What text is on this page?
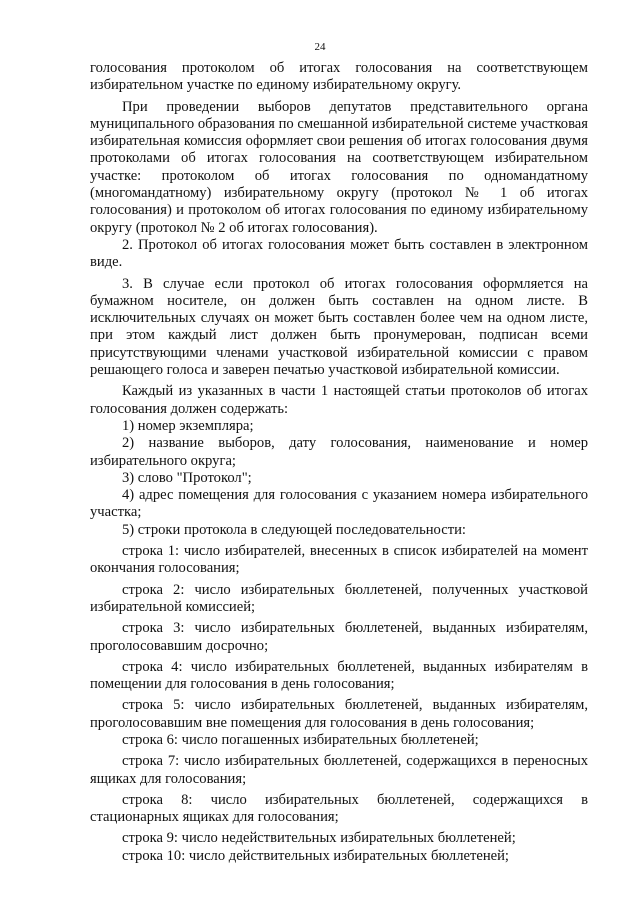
24

голосования протоколом об итогах голосования на соответствующем избирательном участке по единому избирательному округу.

При проведении выборов депутатов представительного органа муниципального образования по смешанной избирательной системе участковая избирательная комиссия оформляет свои решения об итогах голосования двумя протоколами об итогах голосования на соответствующем избирательном участке: протоколом об итогах голосования по одномандатному (многомандатному) избирательному округу (протокол № 1 об итогах голосования) и протоколом об итогах голосования по единому избирательному округу (протокол № 2 об итогах голосования).

2. Протокол об итогах голосования может быть составлен в электронном виде.

3. В случае если протокол об итогах голосования оформляется на бумажном носителе, он должен быть составлен на одном листе. В исключительных случаях он может быть составлен более чем на одном листе, при этом каждый лист должен быть пронумерован, подписан всеми присутствующими членами участковой избирательной комиссии с правом решающего голоса и заверен печатью участковой избирательной комиссии.

Каждый из указанных в части 1 настоящей статьи протоколов об итогах голосования должен содержать:

1) номер экземпляра;

2) название выборов, дату голосования, наименование и номер избирательного округа;

3) слово "Протокол";

4) адрес помещения для голосования с указанием номера избирательного участка;

5) строки протокола в следующей последовательности:

строка 1: число избирателей, внесенных в список избирателей на момент окончания голосования;

строка 2: число избирательных бюллетеней, полученных участковой избирательной комиссией;

строка 3: число избирательных бюллетеней, выданных избирателям, проголосовавшим досрочно;

строка 4: число избирательных бюллетеней, выданных избирателям в помещении для голосования в день голосования;

строка 5: число избирательных бюллетеней, выданных избирателям, проголосовавшим вне помещения для голосования в день голосования;

строка 6: число погашенных избирательных бюллетеней;

строка 7: число избирательных бюллетеней, содержащихся в переносных ящиках для голосования;

строка 8: число избирательных бюллетеней, содержащихся в стационарных ящиках для голосования;

строка 9: число недействительных избирательных бюллетеней;

строка 10: число действительных избирательных бюллетеней;
